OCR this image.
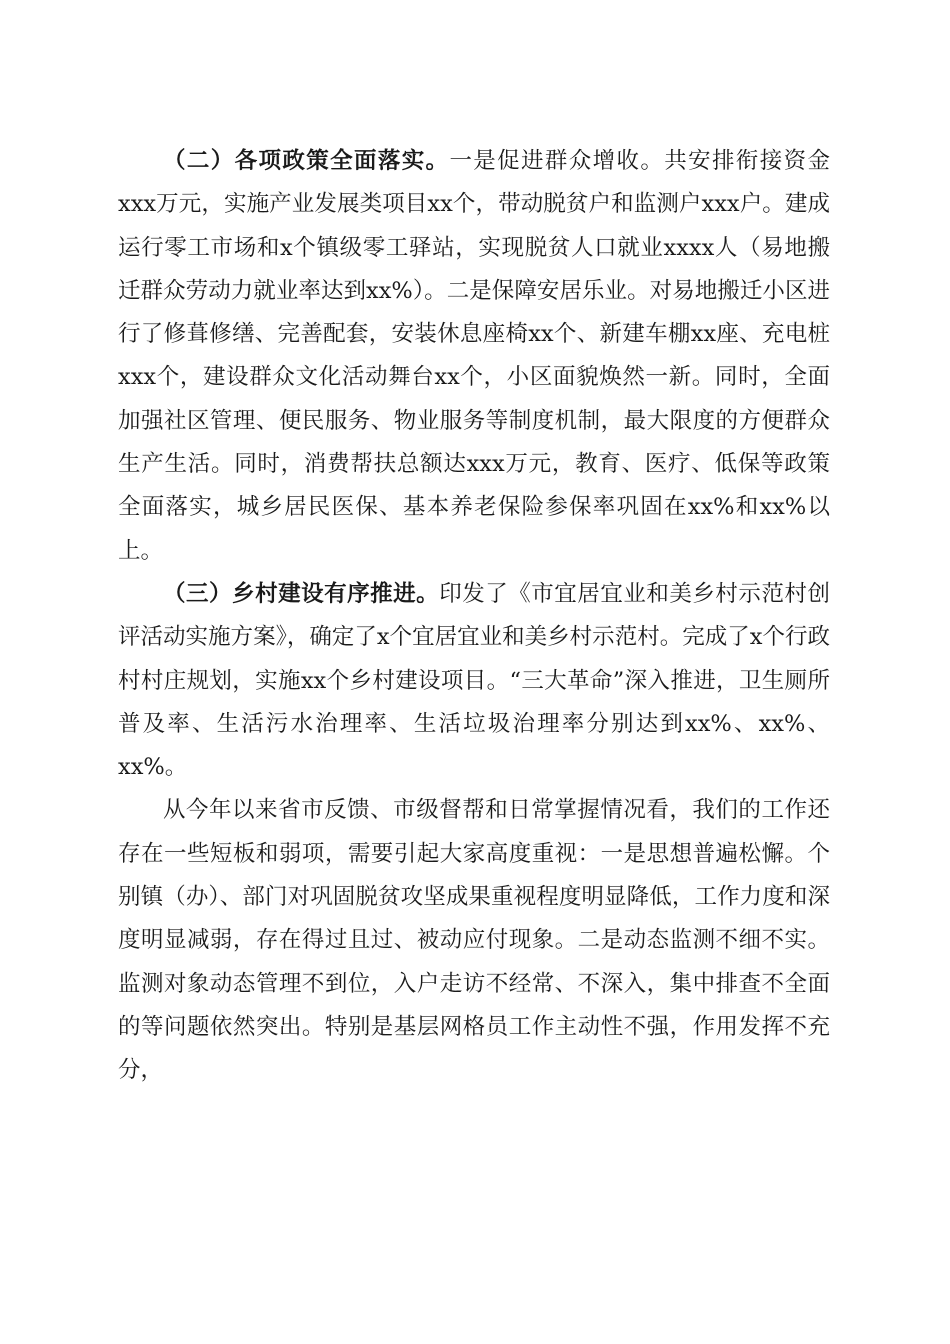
（二）各项政策全面落实。一是促进群众增收。共安排衔接资金xxx万元，实施产业发展类项目xx个，带动脱贫户和监测户xxx户。建成运行零工市场和x个镇级零工驿站，实现脱贫人口就业xxxx人（易地搬迁群众劳动力就业率达到xx%）。二是保障安居乐业。对易地搬迁小区进行了修葺修缮、完善配套，安装休息座椅xx个、新建车棚xx座、充电桩xxx个，建设群众文化活动舞台xx个，小区面貌焕然一新。同时，全面加强社区管理、便民服务、物业服务等制度机制，最大限度的方便群众生产生活。同时，消费帮扶总额达xxx万元，教育、医疗、低保等政策全面落实，城乡居民医保、基本养老保险参保率巩固在xx%和xx%以上。

（三）乡村建设有序推进。印发了《市宜居宜业和美乡村示范村创评活动实施方案》，确定了x个宜居宜业和美乡村示范村。完成了x个行政村村庄规划，实施xx个乡村建设项目。“三大革命”深入推进，卫生厕所普及率、生活污水治理率、生活垃圾治理率分别达到xx%、xx%、xx%。

从今年以来省市反馈、市级督帮和日常掌握情况看，我们的工作还存在一些短板和弱项，需要引起大家高度重视：一是思想普遍松懈。个别镇（办）、部门对巩固脱贫攻坚成果重视程度明显降低，工作力度和深度明显减弱，存在得过且过、被动应付现象。二是动态监测不细不实。监测对象动态管理不到位，入户走访不经常、不深入，集中排查不全面的等问题依然突出。特别是基层网格员工作主动性不强，作用发挥不充分，
